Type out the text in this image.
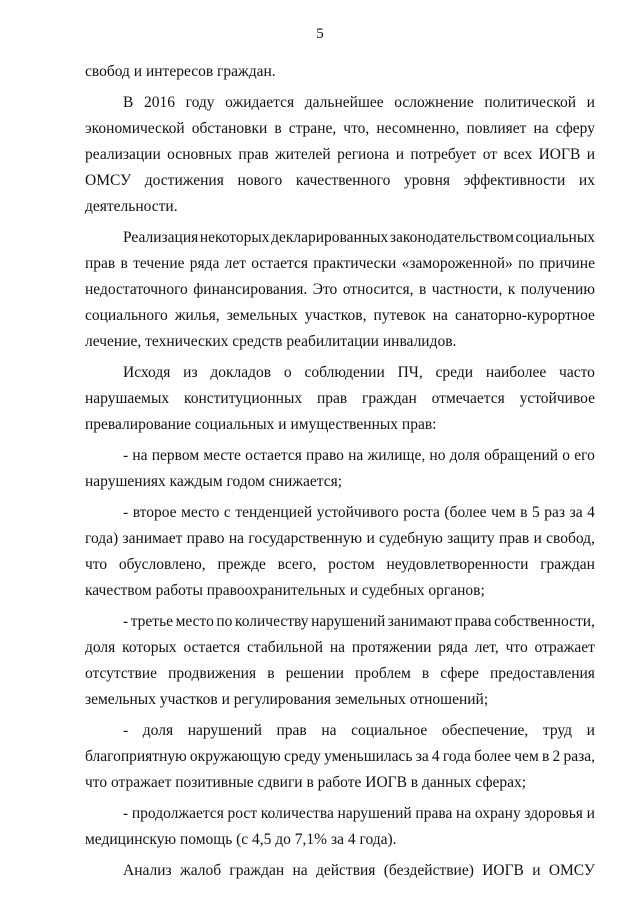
5
свобод и интересов граждан.
В 2016 году ожидается дальнейшее осложнение политической и
экономической обстановки в стране, что, несомненно, повлияет на сферу
реализации основных прав жителей региона и потребует от всех ИОГВ и
ОМСУ достижения нового качественного уровня эффективности их
деятельности.
Реализация некоторых декларированных законодательством социальных
прав в течение ряда лет остается практически «замороженной» по причине
недостаточного финансирования. Это относится, в частности, к получению
социального жилья, земельных участков, путевок на санаторно-курортное
лечение, технических средств реабилитации инвалидов.
Исходя из докладов о соблюдении ПЧ, среди наиболее часто
нарушаемых конституционных прав граждан отмечается устойчивое
превалирование социальных и имущественных прав:
- на первом месте остается право на жилище, но доля обращений о его
нарушениях каждым годом снижается;
- второе место с тенденцией устойчивого роста (более чем в 5 раз за 4
года) занимает право на государственную и судебную защиту прав и свобод,
что обусловлено, прежде всего, ростом неудовлетворенности граждан
качеством работы правоохранительных и судебных органов;
- третье место по количеству нарушений занимают права собственности,
доля которых остается стабильной на протяжении ряда лет, что отражает
отсутствие продвижения в решении проблем в сфере предоставления
земельных участков и регулирования земельных отношений;
- доля нарушений прав на социальное обеспечение, труд и
благоприятную окружающую среду уменьшилась за 4 года более чем в 2 раза,
что отражает позитивные сдвиги в работе ИОГВ в данных сферах;
- продолжается рост количества нарушений права на охрану здоровья и
медицинскую помощь (с 4,5 до 7,1% за 4 года).
Анализ жалоб граждан на действия (бездействие) ИОГВ и ОМСУ
